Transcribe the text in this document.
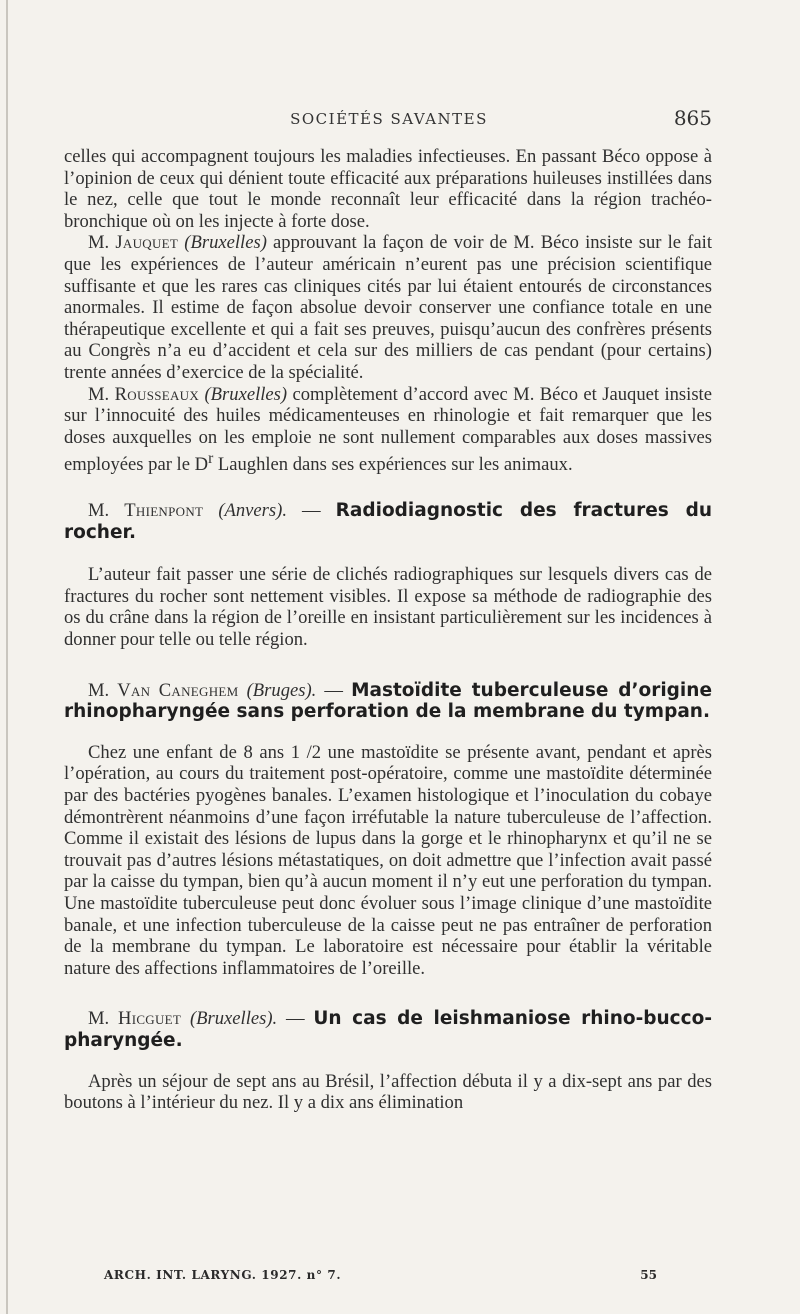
SOCIÉTÉS SAVANTES	865

celles qui accompagnent toujours les maladies infectieuses. En passant Béco oppose à l’opinion de ceux qui dénient toute efficacité aux préparations huileuses instillées dans le nez, celle que tout le monde reconnaît leur efficacité dans la région trachéo-bronchique où on les injecte à forte dose.

M. Jauquet (Bruxelles) approuvant la façon de voir de M. Béco insiste sur le fait que les expériences de l’auteur américain n’eurent pas une précision scientifique suffisante et que les rares cas cliniques cités par lui étaient entourés de circonstances anormales. Il estime de façon absolue devoir conserver une confiance totale en une thérapeutique excellente et qui a fait ses preuves, puisqu’aucun des confrères présents au Congrès n’a eu d’accident et cela sur des milliers de cas pendant (pour certains) trente années d’exercice de la spécialité.

M. Rousseaux (Bruxelles) complètement d’accord avec M. Béco et Jauquet insiste sur l’innocuité des huiles médicamenteuses en rhinologie et fait remarquer que les doses auxquelles on les emploie ne sont nullement comparables aux doses massives employées par le $D^r$ Laughlen dans ses expériences sur les animaux.

M. Thienpont (Anvers). — Radiodiagnostic des fractures du rocher.

L’auteur fait passer une série de clichés radiographiques sur lesquels divers cas de fractures du rocher sont nettement visibles. Il expose sa méthode de radiographie des os du crâne dans la région de l’oreille en insistant particulièrement sur les incidences à donner pour telle ou telle région.

M. Van Caneghem (Bruges). — Mastoïdite tuberculeuse d’origine rhinopharyngée sans perforation de la membrane du tympan.

Chez une enfant de 8 ans 1 /2 une mastoïdite se présente avant, pendant et après l’opération, au cours du traitement post-opératoire, comme une mastoïdite déterminée par des bactéries pyogènes banales. L’examen histologique et l’inoculation du cobaye démontrèrent néanmoins d’une façon irréfutable la nature tuberculeuse de l’affection. Comme il existait des lésions de lupus dans la gorge et le rhinopharynx et qu’il ne se trouvait pas d’autres lésions métastatiques, on doit admettre que l’infection avait passé par la caisse du tympan, bien qu’à aucun moment il n’y eut une perforation du tympan. Une mastoïdite tuberculeuse peut donc évoluer sous l’image clinique d’une mastoïdite banale, et une infection tuberculeuse de la caisse peut ne pas entraîner de perforation de la membrane du tympan. Le laboratoire est nécessaire pour établir la véritable nature des affections inflammatoires de l’oreille.

M. Hicguet (Bruxelles). — Un cas de leishmaniose rhino-bucco-pharyngée.

Après un séjour de sept ans au Brésil, l’affection débuta il y a dix-sept ans par des boutons à l’intérieur du nez. Il y a dix ans élimination

ARCH. INT. LARYNG. 1927. n° 7.	55
